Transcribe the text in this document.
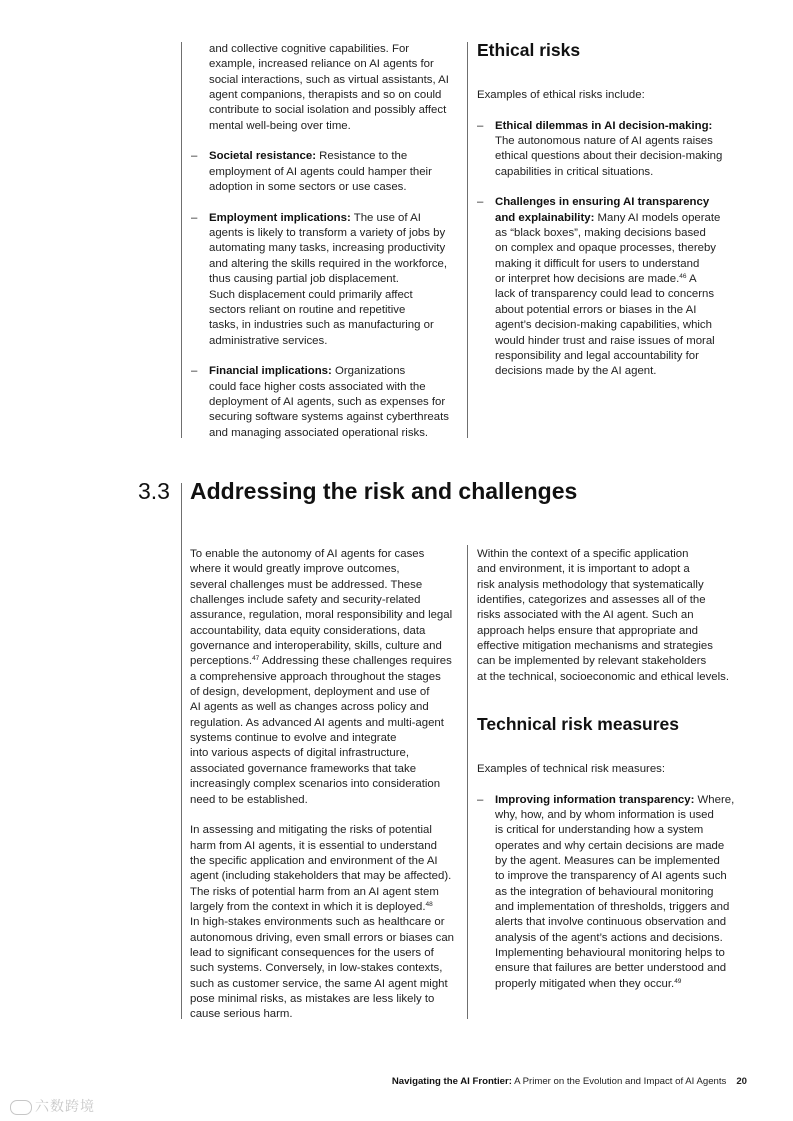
and collective cognitive capabilities. For

example, increased reliance on AI agents for

social interactions, such as virtual assistants, AI

agent companions, therapists and so on could

contribute to social isolation and possibly affect

mental well-being over time.

– Societal resistance: Resistance to the

employment of AI agents could hamper their

adoption in some sectors or use cases.

– Employment implications: The use of AI

agents is likely to transform a variety of jobs by

automating many tasks, increasing productivity

and altering the skills required in the workforce,

thus causing partial job displacement.

Such displacement could primarily affect

sectors reliant on routine and repetitive

tasks, in industries such as manufacturing or

administrative services.

– Financial implications: Organizations

could face higher costs associated with the

deployment of AI agents, such as expenses for

securing software systems against cyberthreats

and managing associated operational risks.

Ethical risks

Examples of ethical risks include:

– Ethical dilemmas in AI decision-making:

The autonomous nature of AI agents raises

ethical questions about their decision-making

capabilities in critical situations.

– Challenges in ensuring AI transparency

and explainability: Many AI models operate

as “black boxes”, making decisions based

on complex and opaque processes, thereby

making it difficult for users to understand

or interpret how decisions are made.$^{46}$ A

lack of transparency could lead to concerns

about potential errors or biases in the AI

agent’s decision-making capabilities, which

would hinder trust and raise issues of moral

responsibility and legal accountability for

decisions made by the AI agent.

3.3 Addressing the risk and challenges

To enable the autonomy of AI agents for cases

where it would greatly improve outcomes,

several challenges must be addressed. These

challenges include safety and security-related

assurance, regulation, moral responsibility and legal

accountability, data equity considerations, data

governance and interoperability, skills, culture and

perceptions.$^{47}$ Addressing these challenges requires

a comprehensive approach throughout the stages

of design, development, deployment and use of

AI agents as well as changes across policy and

regulation. As advanced AI agents and multi-agent

systems continue to evolve and integrate

into various aspects of digital infrastructure,

associated governance frameworks that take

increasingly complex scenarios into consideration

need to be established.

In assessing and mitigating the risks of potential

harm from AI agents, it is essential to understand

the specific application and environment of the AI

agent (including stakeholders that may be affected).

The risks of potential harm from an AI agent stem

largely from the context in which it is deployed.$^{48}$

In high-stakes environments such as healthcare or

autonomous driving, even small errors or biases can

lead to significant consequences for the users of

such systems. Conversely, in low-stakes contexts,

such as customer service, the same AI agent might

pose minimal risks, as mistakes are less likely to

cause serious harm.

Within the context of a specific application

and environment, it is important to adopt a

risk analysis methodology that systematically

identifies, categorizes and assesses all of the

risks associated with the AI agent. Such an

approach helps ensure that appropriate and

effective mitigation mechanisms and strategies

can be implemented by relevant stakeholders

at the technical, socioeconomic and ethical levels.

Technical risk measures

Examples of technical risk measures:

– Improving information transparency: Where,

why, how, and by whom information is used

is critical for understanding how a system

operates and why certain decisions are made

by the agent. Measures can be implemented

to improve the transparency of AI agents such

as the integration of behavioural monitoring

and implementation of thresholds, triggers and

alerts that involve continuous observation and

analysis of the agent’s actions and decisions.

Implementing behavioural monitoring helps to

ensure that failures are better understood and

properly mitigated when they occur.$^{49}$

Navigating the AI Frontier: A Primer on the Evolution and Impact of AI Agents 20
六数跨境
